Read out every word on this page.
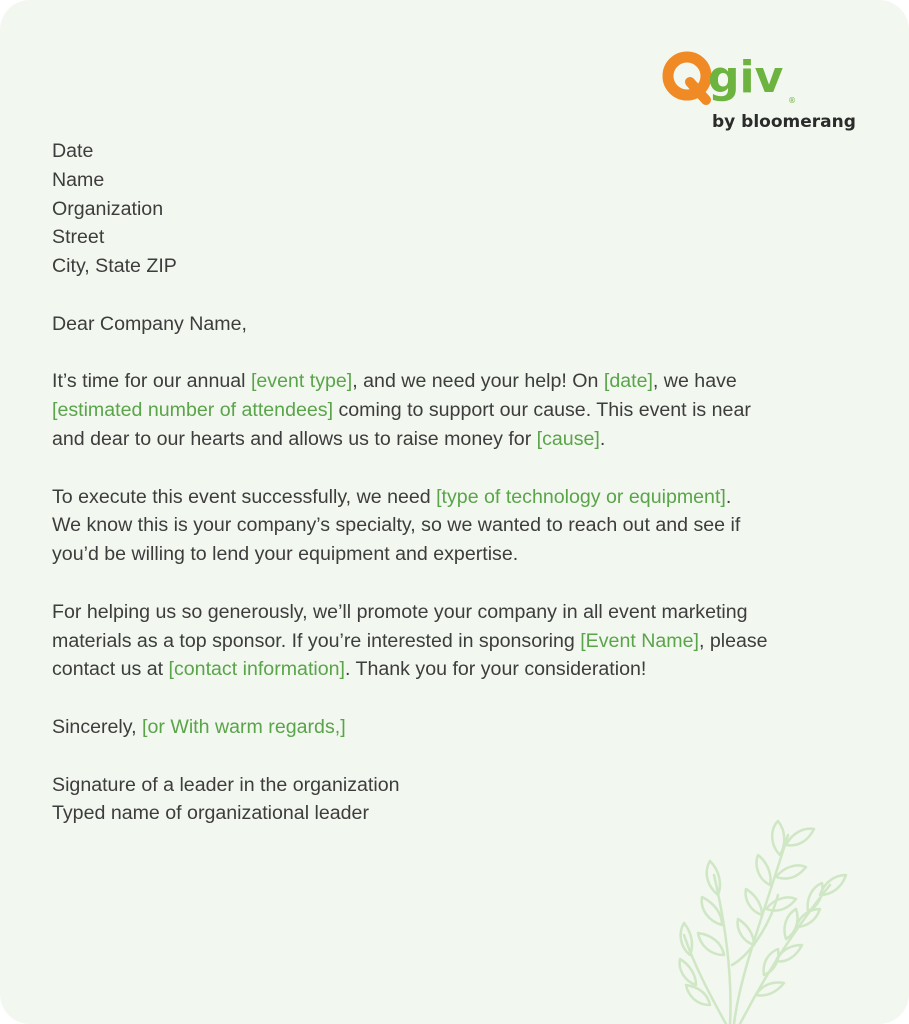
giv ®
by bloomerang
Date
Name
Organization
Street
City, State ZIP
Dear Company Name,
It’s time for our annual [event type], and we need your help! On [date], we have
[estimated number of attendees] coming to support our cause. This event is near
and dear to our hearts and allows us to raise money for [cause].
To execute this event successfully, we need [type of technology or equipment].
We know this is your company’s specialty, so we wanted to reach out and see if
you’d be willing to lend your equipment and expertise.
For helping us so generously, we’ll promote your company in all event marketing
materials as a top sponsor. If you’re interested in sponsoring [Event Name], please
contact us at [contact information]. Thank you for your consideration!
Sincerely, [or With warm regards,]
Signature of a leader in the organization
Typed name of organizational leader
